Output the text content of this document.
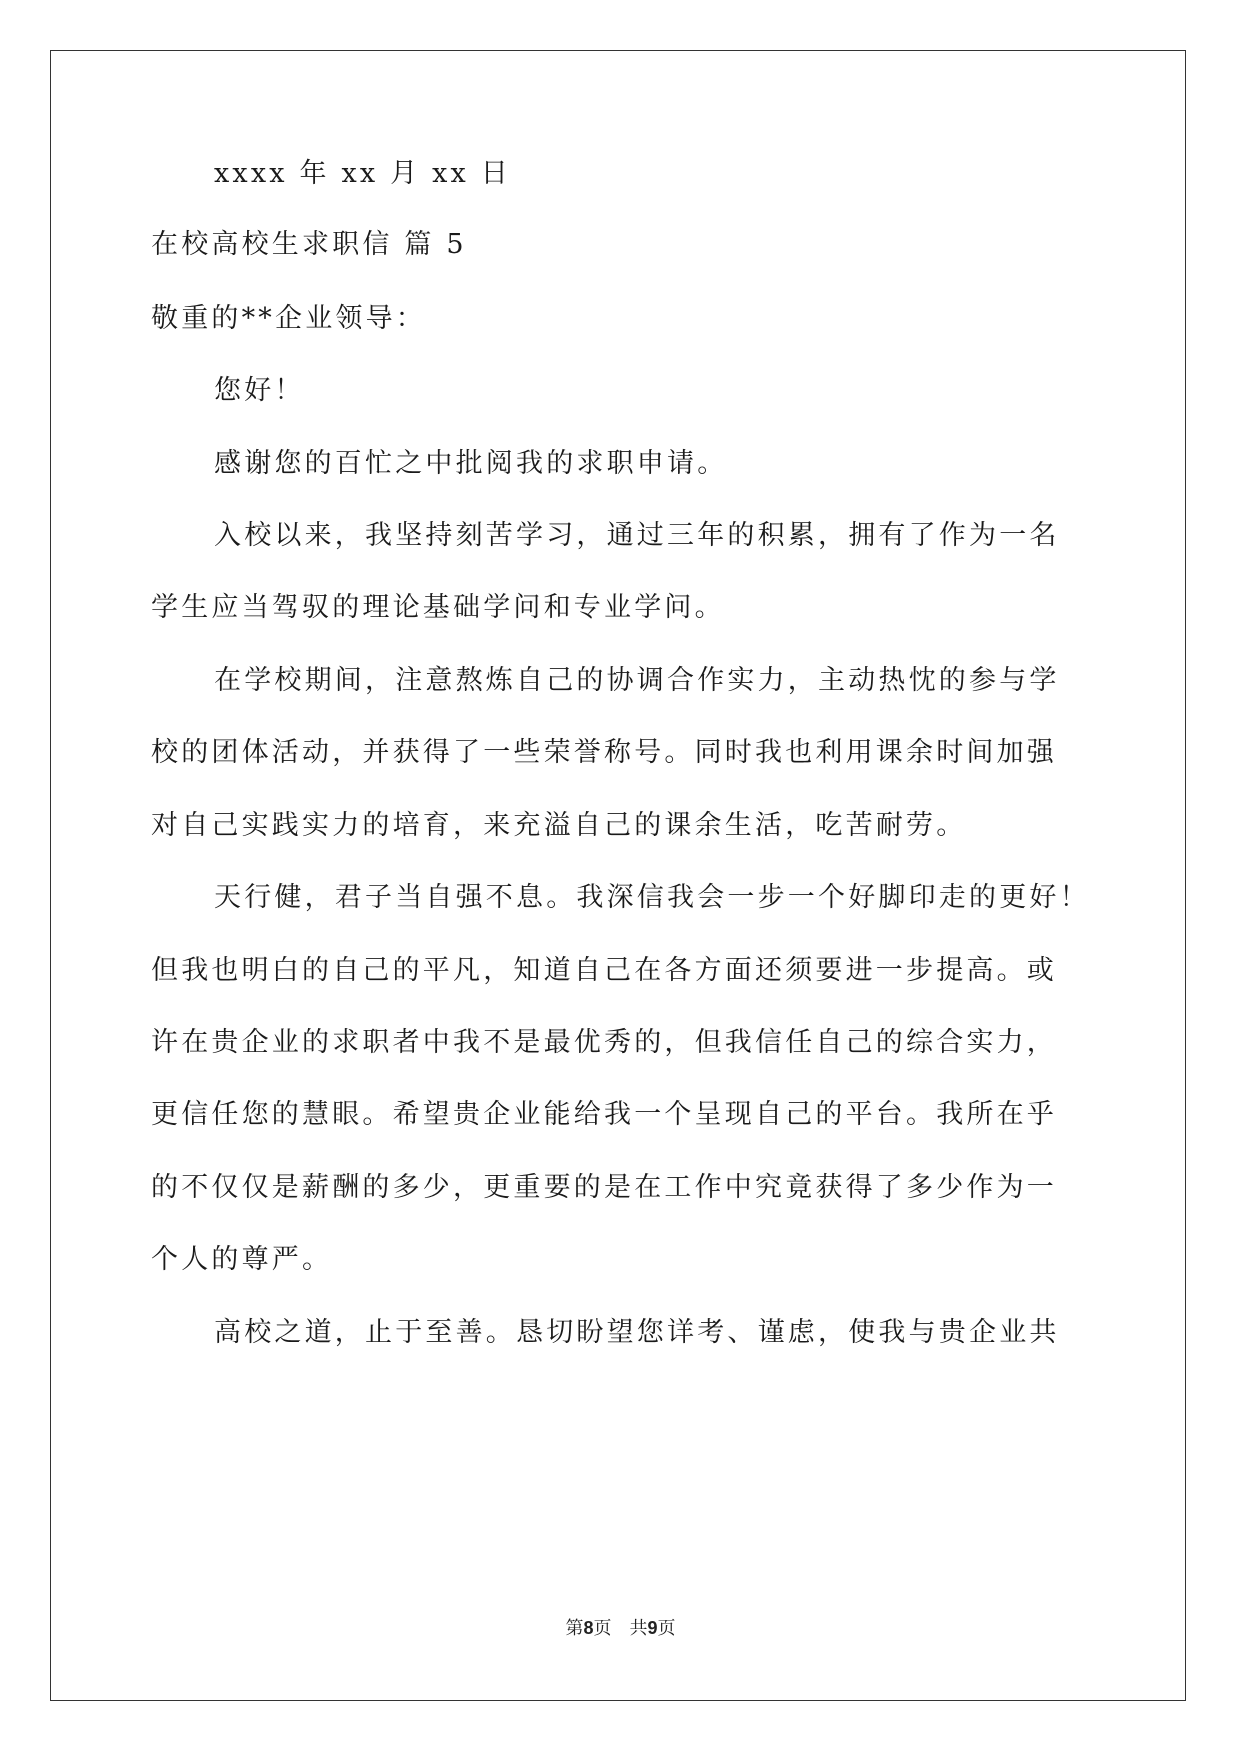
xxxx 年 xx 月 xx 日
在校高校生求职信 篇 5
敬重的**企业领导：
您好！
感谢您的百忙之中批阅我的求职申请。
入校以来，我坚持刻苦学习，通过三年的积累，拥有了作为一名
学生应当驾驭的理论基础学问和专业学问。
在学校期间，注意熬炼自己的协调合作实力，主动热忱的参与学
校的团体活动，并获得了一些荣誉称号。同时我也利用课余时间加强
对自己实践实力的培育，来充溢自己的课余生活，吃苦耐劳。
天行健，君子当自强不息。我深信我会一步一个好脚印走的更好！
但我也明白的自己的平凡，知道自己在各方面还须要进一步提高。或
许在贵企业的求职者中我不是最优秀的，但我信任自己的综合实力，
更信任您的慧眼。希望贵企业能给我一个呈现自己的平台。我所在乎
的不仅仅是薪酬的多少，更重要的是在工作中究竟获得了多少作为一
个人的尊严。
高校之道，止于至善。恳切盼望您详考、谨虑，使我与贵企业共
第8页　共9页
